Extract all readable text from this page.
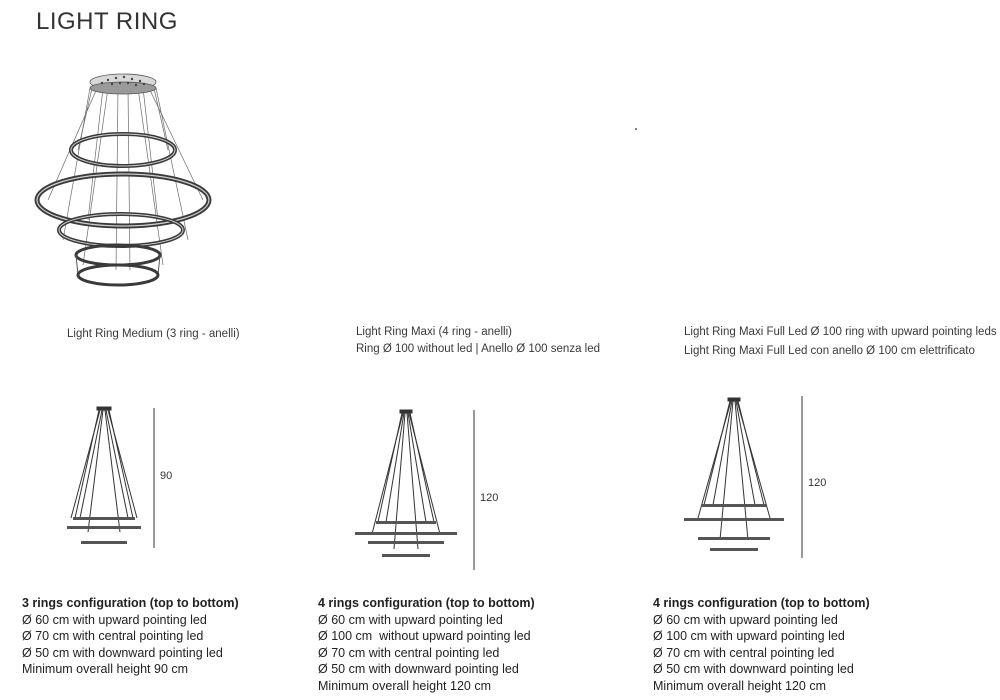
LIGHT RING
Light Ring Medium (3 ring - anelli)	Light Ring Maxi (4 ring - anelli)
Ring Ø 100 without led | Anello Ø 100 senza led
Light Ring Maxi Full Led Ø 100 ring with upward pointing leds
Light Ring Maxi Full Led con anello Ø 100 cm elettrificato
90
120
120
3 rings configuration (top to bottom)
Ø 60 cm with upward pointing led
Ø 70 cm with central pointing led
Ø 50 cm with downward pointing led
Minimum overall height 90 cm
4 rings configuration (top to bottom)
Ø 60 cm with upward pointing led
Ø 100 cm  without upward pointing led
Ø 70 cm with central pointing led
Ø 50 cm with downward pointing led
Minimum overall height 120 cm
4 rings configuration (top to bottom)
Ø 60 cm with upward pointing led
Ø 100 cm with upward pointing led
Ø 70 cm with central pointing led
Ø 50 cm with downward pointing led
Minimum overall height 120 cm
